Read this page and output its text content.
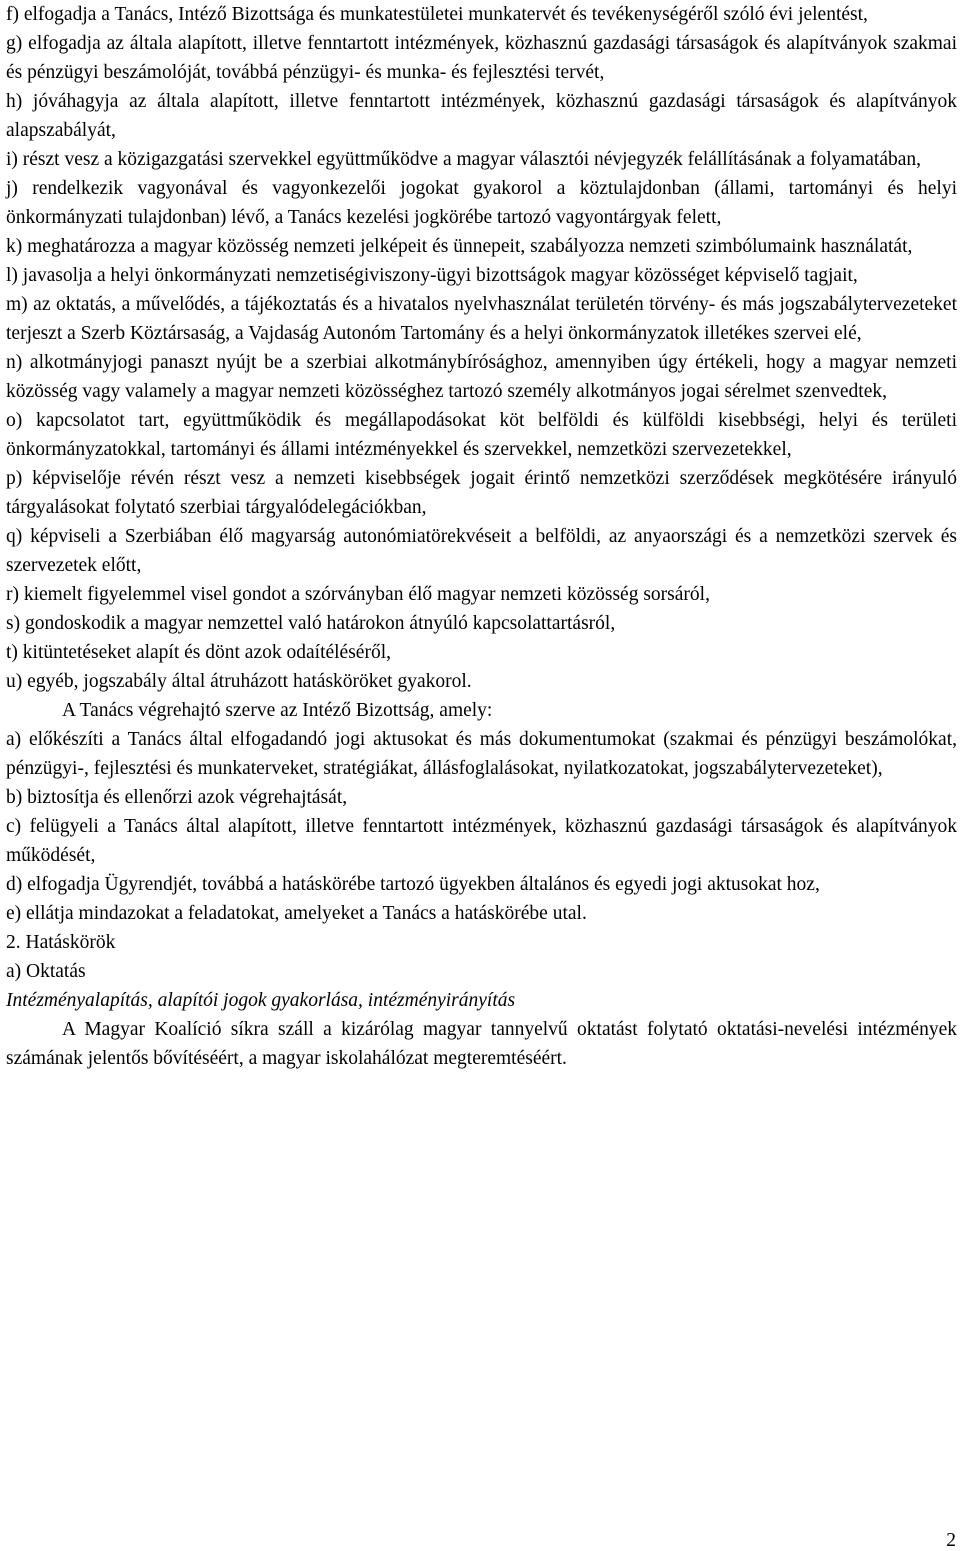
f) elfogadja a Tanács, Intéző Bizottsága és munkatestületei munkatervét és tevékenységéről szóló évi jelentést,

g) elfogadja az általa alapított, illetve fenntartott intézmények, közhasznú gazdasági társaságok és alapítványok szakmai és pénzügyi beszámolóját, továbbá pénzügyi- és munka- és fejlesztési tervét,

h) jóváhagyja az általa alapított, illetve fenntartott intézmények, közhasznú gazdasági társaságok és alapítványok alapszabályát,

i) részt vesz a közigazgatási szervekkel együttműködve a magyar választói névjegyzék felállításának a folyamatában,

j) rendelkezik vagyonával és vagyonkezelői jogokat gyakorol a köztulajdonban (állami, tartományi és helyi önkormányzati tulajdonban) lévő, a Tanács kezelési jogkörébe tartozó vagyontárgyak felett,

k) meghatározza a magyar közösség nemzeti jelképeit és ünnepeit, szabályozza nemzeti szimbólumaink használatát,

l) javasolja a helyi önkormányzati nemzetiségiviszony-ügyi bizottságok magyar közösséget képviselő tagjait,

m) az oktatás, a művelődés, a tájékoztatás és a hivatalos nyelvhasználat területén törvény- és más jogszabálytervezeteket terjeszt a Szerb Köztársaság, a Vajdaság Autonóm Tartomány és a helyi önkormányzatok illetékes szervei elé,

n) alkotmányjogi panaszt nyújt be a szerbiai alkotmánybírósághoz, amennyiben úgy értékeli, hogy a magyar nemzeti közösség vagy valamely a magyar nemzeti közösséghez tartozó személy alkotmányos jogai sérelmet szenvedtek,

o) kapcsolatot tart, együttműködik és megállapodásokat köt belföldi és külföldi kisebbségi, helyi és területi önkormányzatokkal, tartományi és állami intézményekkel és szervekkel, nemzetközi szervezetekkel,

p) képviselője révén részt vesz a nemzeti kisebbségek jogait érintő nemzetközi szerződések megkötésére irányuló tárgyalásokat folytató szerbiai tárgyalódelegációkban,

q) képviseli a Szerbiában élő magyarság autonómiatörekvéseit a belföldi, az anyaországi és a nemzetközi szervek és szervezetek előtt,

r) kiemelt figyelemmel visel gondot a szórványban élő magyar nemzeti közösség sorsáról,

s) gondoskodik a magyar nemzettel való határokon átnyúló kapcsolattartásról,

t) kitüntetéseket alapít és dönt azok odaítéléséről,

u) egyéb, jogszabály által átruházott hatásköröket gyakorol.

A Tanács végrehajtó szerve az Intéző Bizottság, amely:

a) előkészíti a Tanács által elfogadandó jogi aktusokat és más dokumentumokat (szakmai és pénzügyi beszámolókat, pénzügyi-, fejlesztési és munkaterveket, stratégiákat, állásfoglalásokat, nyilatkozatokat, jogszabálytervezeteket),

b) biztosítja és ellenőrzi azok végrehajtását,

c) felügyeli a Tanács által alapított, illetve fenntartott intézmények, közhasznú gazdasági társaságok és alapítványok működését,

d) elfogadja Ügyrendjét, továbbá a hatáskörébe tartozó ügyekben általános és egyedi jogi aktusokat hoz,

e) ellátja mindazokat a feladatokat, amelyeket a Tanács a hatáskörébe utal.

2. Hatáskörök

a) Oktatás

Intézményalapítás, alapítói jogok gyakorlása, intézményirányítás

A Magyar Koalíció síkra száll a kizárólag magyar tannyelvű oktatást folytató oktatási-nevelési intézmények számának jelentős bővítéséért, a magyar iskolahálózat megteremtéséért.

2
